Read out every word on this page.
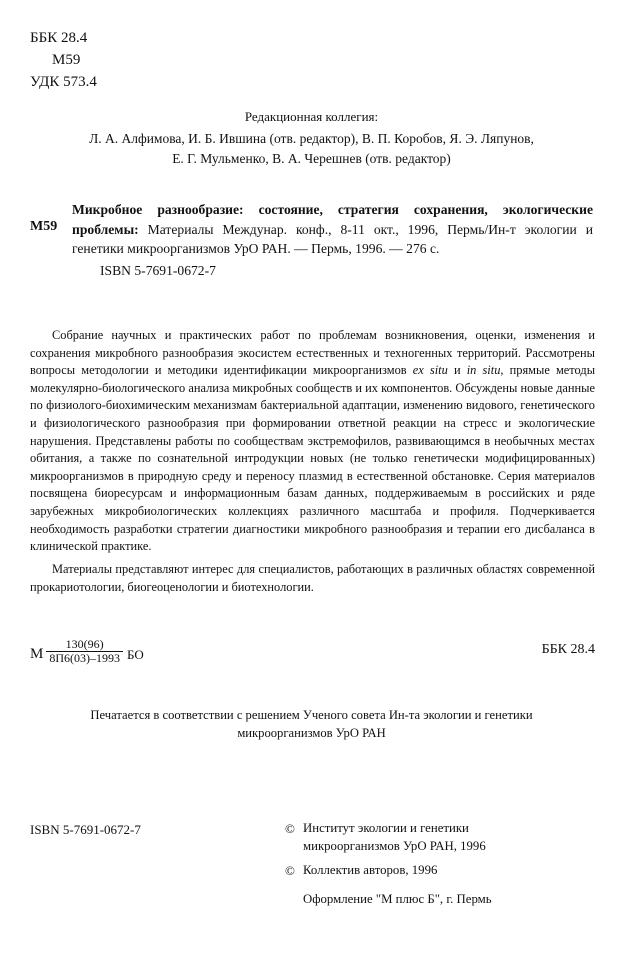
ББК 28.4
М59
УДК 573.4
Редакционная коллегия:
Л. А. Алфимова, И. Б. Ившина (отв. редактор), В. П. Коробов, Я. Э. Ляпунов,
Е. Г. Мульменко, В. А. Черешнев (отв. редактор)
М59
Микробное разнообразие: состояние, стратегия сохранения, экологические проблемы: Материалы Междунар. конф., 8-11 окт., 1996, Пермь/Ин-т экологии и генетики микроорганизмов УрО РАН. — Пермь, 1996. — 276 с.
ISBN 5-7691-0672-7

Собрание научных и практических работ по проблемам возникновения, оценки, изменения и сохранения микробного разнообразия экосистем естественных и техногенных территорий. Рассмотрены вопросы методологии и методики идентификации микроорганизмов ex situ и in situ, прямые методы молекулярно-биологического анализа микробных сообществ и их компонентов. Обсуждены новые данные по физиолого-биохимическим механизмам бактериальной адаптации, изменению видового, генетического и физиологического разнообразия при формировании ответной реакции на стресс и экологические нарушения. Представлены работы по сообществам экстремофилов, развивающимся в необычных местах обитания, а также по сознательной интродукции новых (не только генетически модифицированных) микроорганизмов в природную среду и переносу плазмид в естественной обстановке. Серия материалов посвящена биоресурсам и информационным базам данных, поддерживаемым в российских и ряде зарубежных микробиологических коллекциях различного масштаба и профиля. Подчеркивается необходимость разработки стратегии диагностики микробного разнообразия и терапии его дисбаланса в клинической практике.

Материалы представляют интерес для специалистов, работающих в различных областях современной прокариотологии, биогеоценологии и биотехнологии.

М $\frac{130(96)}{8П6(03)-1993}$ БО	ББК 28.4
Печатается в соответствии с решением Ученого совета Ин-та экологии и генетики
микроорганизмов УрО РАН
ISBN 5-7691-0672-7	© Институт экологии и генетики
микроорганизмов УрО РАН, 1996
© Коллектив авторов, 1996
Оформление "М плюс Б", г. Пермь
